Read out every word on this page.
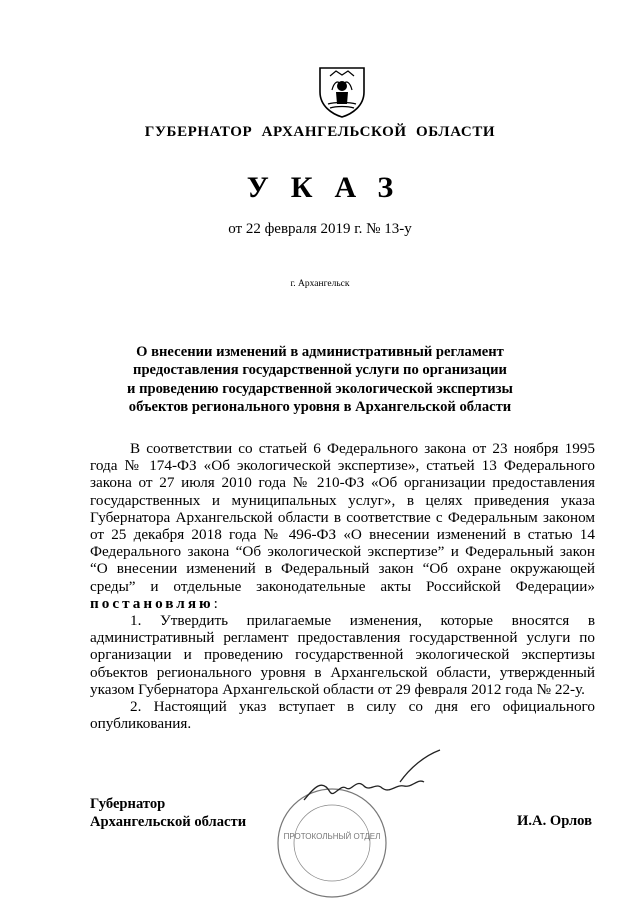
ГУБЕРНАТОР АРХАНГЕЛЬСКОЙ ОБЛАСТИ
УКАЗ
от 22 февраля 2019 г. № 13-у
г. Архангельск
О внесении изменений в административный регламент
предоставления государственной услуги по организации
и проведению государственной экологической экспертизы
объектов регионального уровня в Архангельской области

В соответствии со статьей 6 Федерального закона от 23 ноября 1995 года № 174-ФЗ «Об экологической экспертизе», статьей 13 Федерального закона от 27 июля 2010 года № 210-ФЗ «Об организации предоставления государственных и муниципальных услуг», в целях приведения указа Губернатора Архангельской области в соответствие с Федеральным законом от 25 декабря 2018 года № 496-ФЗ «О внесении изменений в статью 14 Федерального закона “Об экологической экспертизе” и Федеральный закон “О внесении изменений в Федеральный закон “Об охране окружающей среды” и отдельные законодательные акты Российской Федерации» постановляю:

1. Утвердить прилагаемые изменения, которые вносятся в административный регламент предоставления государственной услуги по организации и проведению государственной экологической экспертизы объектов регионального уровня в Архангельской области, утвержденный указом Губернатора Архангельской области от 29 февраля 2012 года № 22-у.

2. Настоящий указ вступает в силу со дня его официального опубликования.

ПРОТОКОЛЬНЫЙ ОТДЕЛ
Губернатор
Архангельской области	И.А. Орлов
